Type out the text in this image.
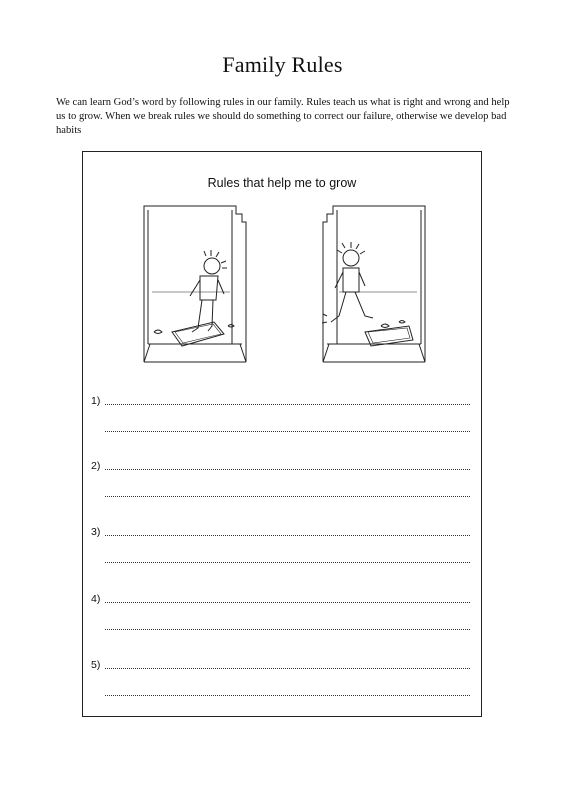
Family Rules
We can learn God’s word by following rules in our family. Rules teach us what is right and wrong and help us to grow. When we break rules we should do something to correct our failure, otherwise we develop bad habits
Rules that help me to grow
1)
2)
3)
4)
5)
